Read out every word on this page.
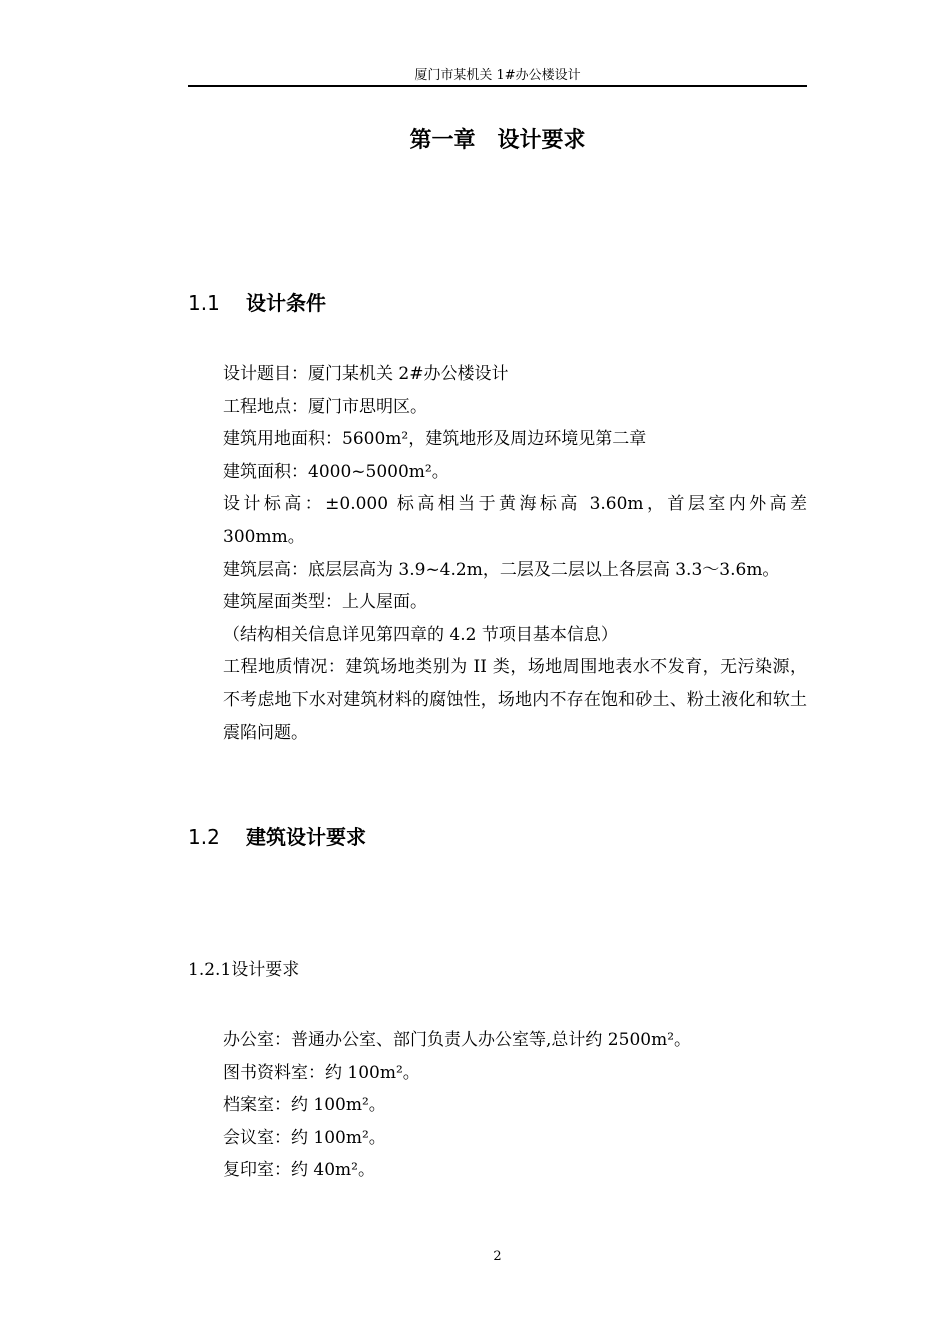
厦门市某机关 1#办公楼设计
第一章　设计要求
1.1 设计条件

设计题目：厦门某机关 2#办公楼设计

工程地点：厦门市思明区。

建筑用地面积：5600m²，建筑地形及周边环境见第二章

建筑面积：4000~5000m²。

设计标高：±0.000 标高相当于黄海标高 3.60m，首层室内外高差 300mm。

建筑层高：底层层高为 3.9~4.2m，二层及二层以上各层高 3.3～3.6m。

建筑屋面类型：上人屋面。

（结构相关信息详见第四章的 4.2 节项目基本信息）

工程地质情况：建筑场地类别为 II 类，场地周围地表水不发育，无污染源，不考虑地下水对建筑材料的腐蚀性，场地内不存在饱和砂土、粉土液化和软土震陷问题。

1.2 建筑设计要求
1.2.1设计要求

办公室：普通办公室、部门负责人办公室等,总计约 2500m²。

图书资料室：约 100m²。

档案室：约 100m²。

会议室：约 100m²。

复印室：约 40m²。

2
